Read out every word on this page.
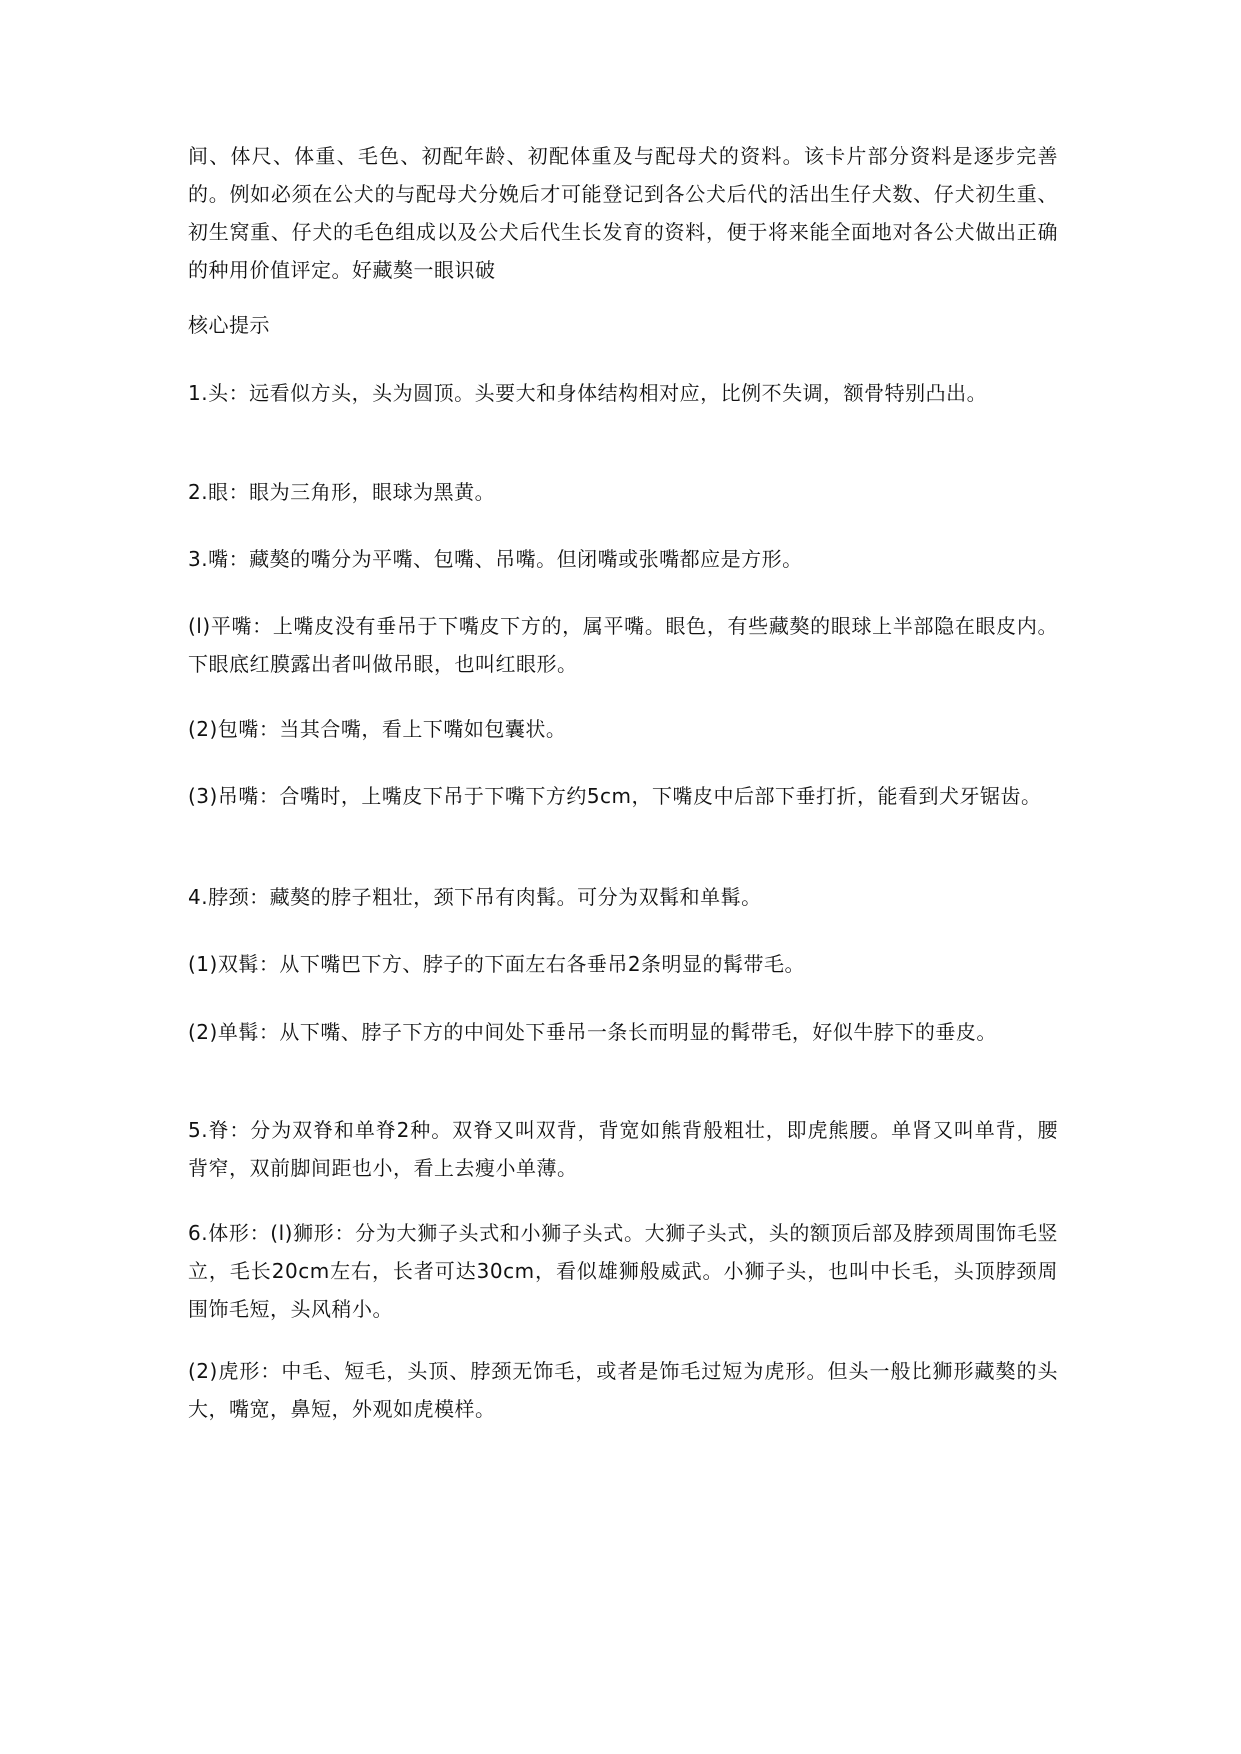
间、体尺、体重、毛色、初配年龄、初配体重及与配母犬的资料。该卡片部分资料是逐步完善的。例如必须在公犬的与配母犬分娩后才可能登记到各公犬后代的活出生仔犬数、仔犬初生重、初生窝重、仔犬的毛色组成以及公犬后代生长发育的资料，便于将来能全面地对各公犬做出正确的种用价值评定。好藏獒一眼识破

核心提示

1.头：远看似方头，头为圆顶。头要大和身体结构相对应，比例不失调，额骨特别凸出。

2.眼：眼为三角形，眼球为黑黄。

3.嘴：藏獒的嘴分为平嘴、包嘴、吊嘴。但闭嘴或张嘴都应是方形。

(l)平嘴：上嘴皮没有垂吊于下嘴皮下方的，属平嘴。眼色，有些藏獒的眼球上半部隐在眼皮内。下眼底红膜露出者叫做吊眼，也叫红眼形。

(2)包嘴：当其合嘴，看上下嘴如包囊状。

(3)吊嘴：合嘴时，上嘴皮下吊于下嘴下方约5cm，下嘴皮中后部下垂打折，能看到犬牙锯齿。

4.脖颈：藏獒的脖子粗壮，颈下吊有肉髯。可分为双髯和单髯。

(1)双髯：从下嘴巴下方、脖子的下面左右各垂吊2条明显的髯带毛。

(2)单髯：从下嘴、脖子下方的中间处下垂吊一条长而明显的髯带毛，好似牛脖下的垂皮。

5.脊：分为双脊和单脊2种。双脊又叫双背，背宽如熊背般粗壮，即虎熊腰。单肾又叫单背，腰背窄，双前脚间距也小，看上去瘦小单薄。

6.体形：(l)狮形：分为大狮子头式和小狮子头式。大狮子头式，头的额顶后部及脖颈周围饰毛竖立，毛长20cm左右，长者可达30cm，看似雄狮般威武。小狮子头，也叫中长毛，头顶脖颈周围饰毛短，头风稍小。

(2)虎形：中毛、短毛，头顶、脖颈无饰毛，或者是饰毛过短为虎形。但头一般比狮形藏獒的头大，嘴宽，鼻短，外观如虎模样。
